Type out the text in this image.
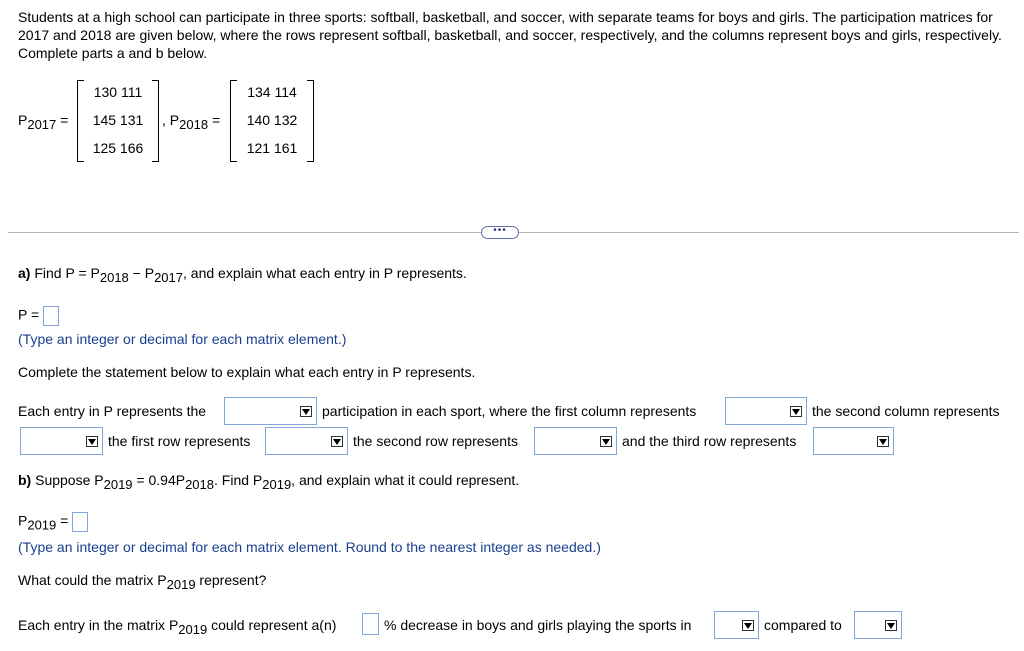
Students at a high school can participate in three sports: softball, basketball, and soccer, with separate teams for boys and girls. The participation matrices for 2017 and 2018 are given below, where the rows represent softball, basketball, and soccer, respectively, and the columns represent boys and girls, respectively. Complete parts a and b below.
$P_{2017}$ =
130 111
145 131
125 166
, $P_{2018}$ =
134 114
140 132
121 161
•••
a) Find $P = P_{2018} - P_{2017}$, and explain what each entry in P represents.
P =
(Type an integer or decimal for each matrix element.)
Complete the statement below to explain what each entry in P represents.
Each entry in P represents the	participation in each sport, where the first column represents	the second column represents
the first row represents	the second row represents	and the third row represents
b) Suppose $P_{2019} = 0.94P_{2018}$. Find $P_{2019}$, and explain what it could represent.
$P_{2019}$ =
(Type an integer or decimal for each matrix element. Round to the nearest integer as needed.)
What could the matrix $P_{2019}$ represent?
Each entry in the matrix $P_{2019}$ could represent a(n)	% decrease in boys and girls playing the sports in	compared to
